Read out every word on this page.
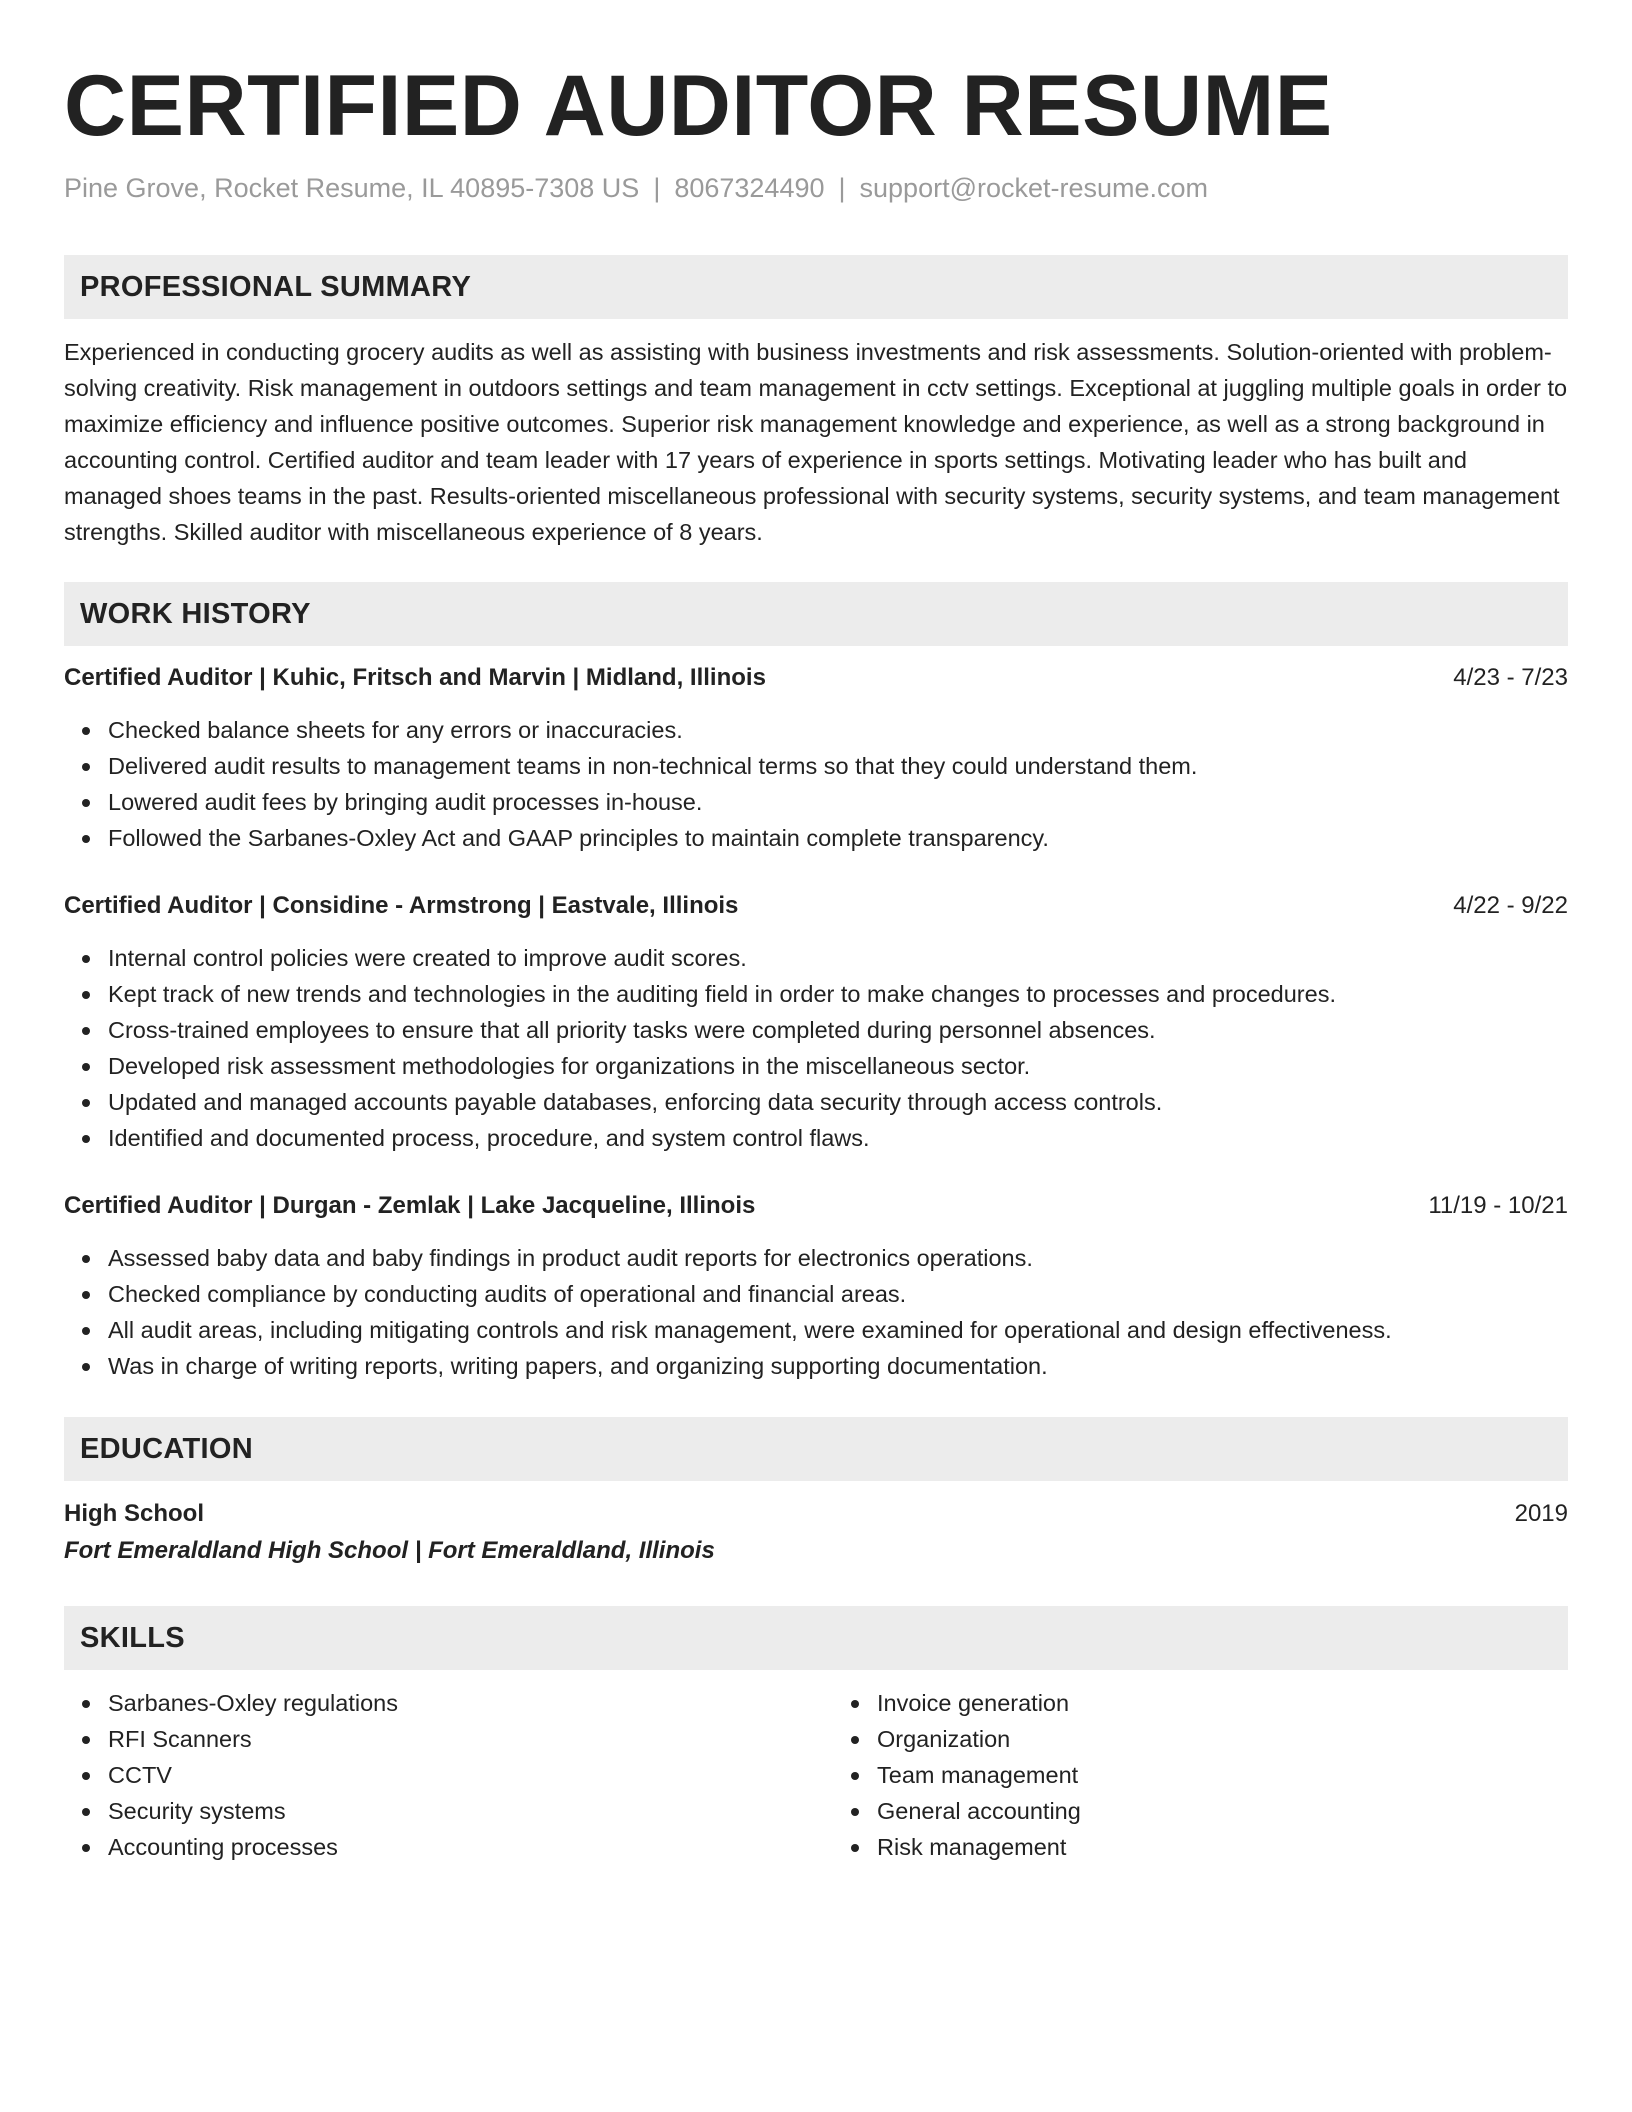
CERTIFIED AUDITOR RESUME
Pine Grove, Rocket Resume, IL 40895-7308 US | 8067324490 | support@rocket-resume.com
PROFESSIONAL SUMMARY

Experienced in conducting grocery audits as well as assisting with business investments and risk assessments. Solution-oriented with problem-solving creativity. Risk management in outdoors settings and team management in cctv settings. Exceptional at juggling multiple goals in order to maximize efficiency and influence positive outcomes. Superior risk management knowledge and experience, as well as a strong background in accounting control. Certified auditor and team leader with 17 years of experience in sports settings. Motivating leader who has built and managed shoes teams in the past. Results-oriented miscellaneous professional with security systems, security systems, and team management strengths. Skilled auditor with miscellaneous experience of 8 years.

WORK HISTORY
Certified Auditor | Kuhic, Fritsch and Marvin | Midland, Illinois	4/23 - 7/23
Checked balance sheets for any errors or inaccuracies.
Delivered audit results to management teams in non-technical terms so that they could understand them.
Lowered audit fees by bringing audit processes in-house.
Followed the Sarbanes-Oxley Act and GAAP principles to maintain complete transparency.
Certified Auditor | Considine - Armstrong | Eastvale, Illinois	4/22 - 9/22
Internal control policies were created to improve audit scores.
Kept track of new trends and technologies in the auditing field in order to make changes to processes and procedures.
Cross-trained employees to ensure that all priority tasks were completed during personnel absences.
Developed risk assessment methodologies for organizations in the miscellaneous sector.
Updated and managed accounts payable databases, enforcing data security through access controls.
Identified and documented process, procedure, and system control flaws.
Certified Auditor | Durgan - Zemlak | Lake Jacqueline, Illinois	11/19 - 10/21
Assessed baby data and baby findings in product audit reports for electronics operations.
Checked compliance by conducting audits of operational and financial areas.
All audit areas, including mitigating controls and risk management, were examined for operational and design effectiveness.
Was in charge of writing reports, writing papers, and organizing supporting documentation.
EDUCATION
High School	2019
Fort Emeraldland High School | Fort Emeraldland, Illinois
SKILLS
Sarbanes-Oxley regulations
RFI Scanners
CCTV
Security systems
Accounting processes
Invoice generation
Organization
Team management
General accounting
Risk management
